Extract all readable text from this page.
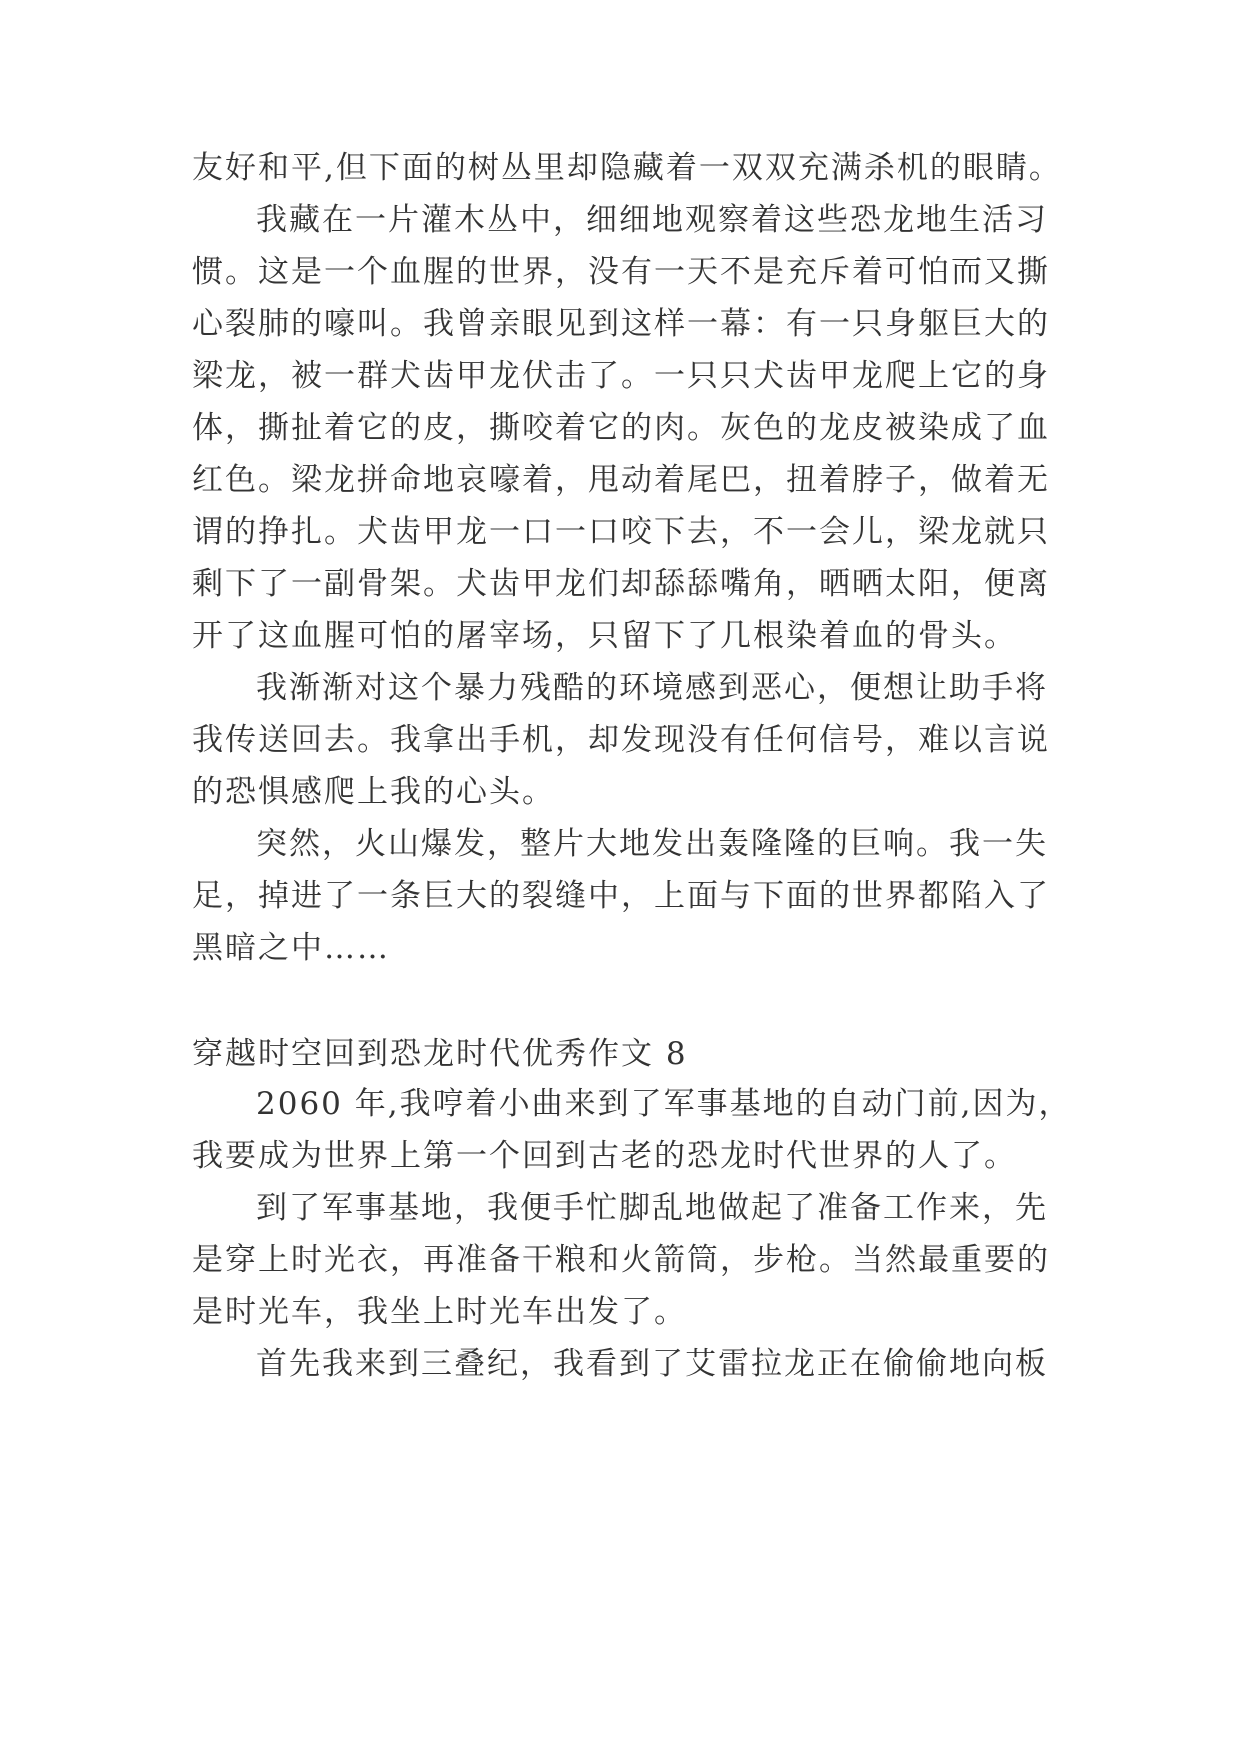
友好和平,但下面的树丛里却隐藏着一双双充满杀机的眼睛。
我藏在一片灌木丛中，细细地观察着这些恐龙地生活习
惯。这是一个血腥的世界，没有一天不是充斥着可怕而又撕
心裂肺的嚎叫。我曾亲眼见到这样一幕：有一只身躯巨大的
梁龙，被一群犬齿甲龙伏击了。一只只犬齿甲龙爬上它的身
体，撕扯着它的皮，撕咬着它的肉。灰色的龙皮被染成了血
红色。梁龙拼命地哀嚎着，甩动着尾巴，扭着脖子，做着无
谓的挣扎。犬齿甲龙一口一口咬下去，不一会儿，梁龙就只
剩下了一副骨架。犬齿甲龙们却舔舔嘴角，晒晒太阳，便离
开了这血腥可怕的屠宰场，只留下了几根染着血的骨头。
我渐渐对这个暴力残酷的环境感到恶心，便想让助手将
我传送回去。我拿出手机，却发现没有任何信号，难以言说
的恐惧感爬上我的心头。
突然，火山爆发，整片大地发出轰隆隆的巨响。我一失
足，掉进了一条巨大的裂缝中，上面与下面的世界都陷入了
黑暗之中……
穿越时空回到恐龙时代优秀作文 8
2060 年,我哼着小曲来到了军事基地的自动门前,因为，
我要成为世界上第一个回到古老的恐龙时代世界的人了。
到了军事基地，我便手忙脚乱地做起了准备工作来，先
是穿上时光衣，再准备干粮和火箭筒，步枪。当然最重要的
是时光车，我坐上时光车出发了。
首先我来到三叠纪，我看到了艾雷拉龙正在偷偷地向板
